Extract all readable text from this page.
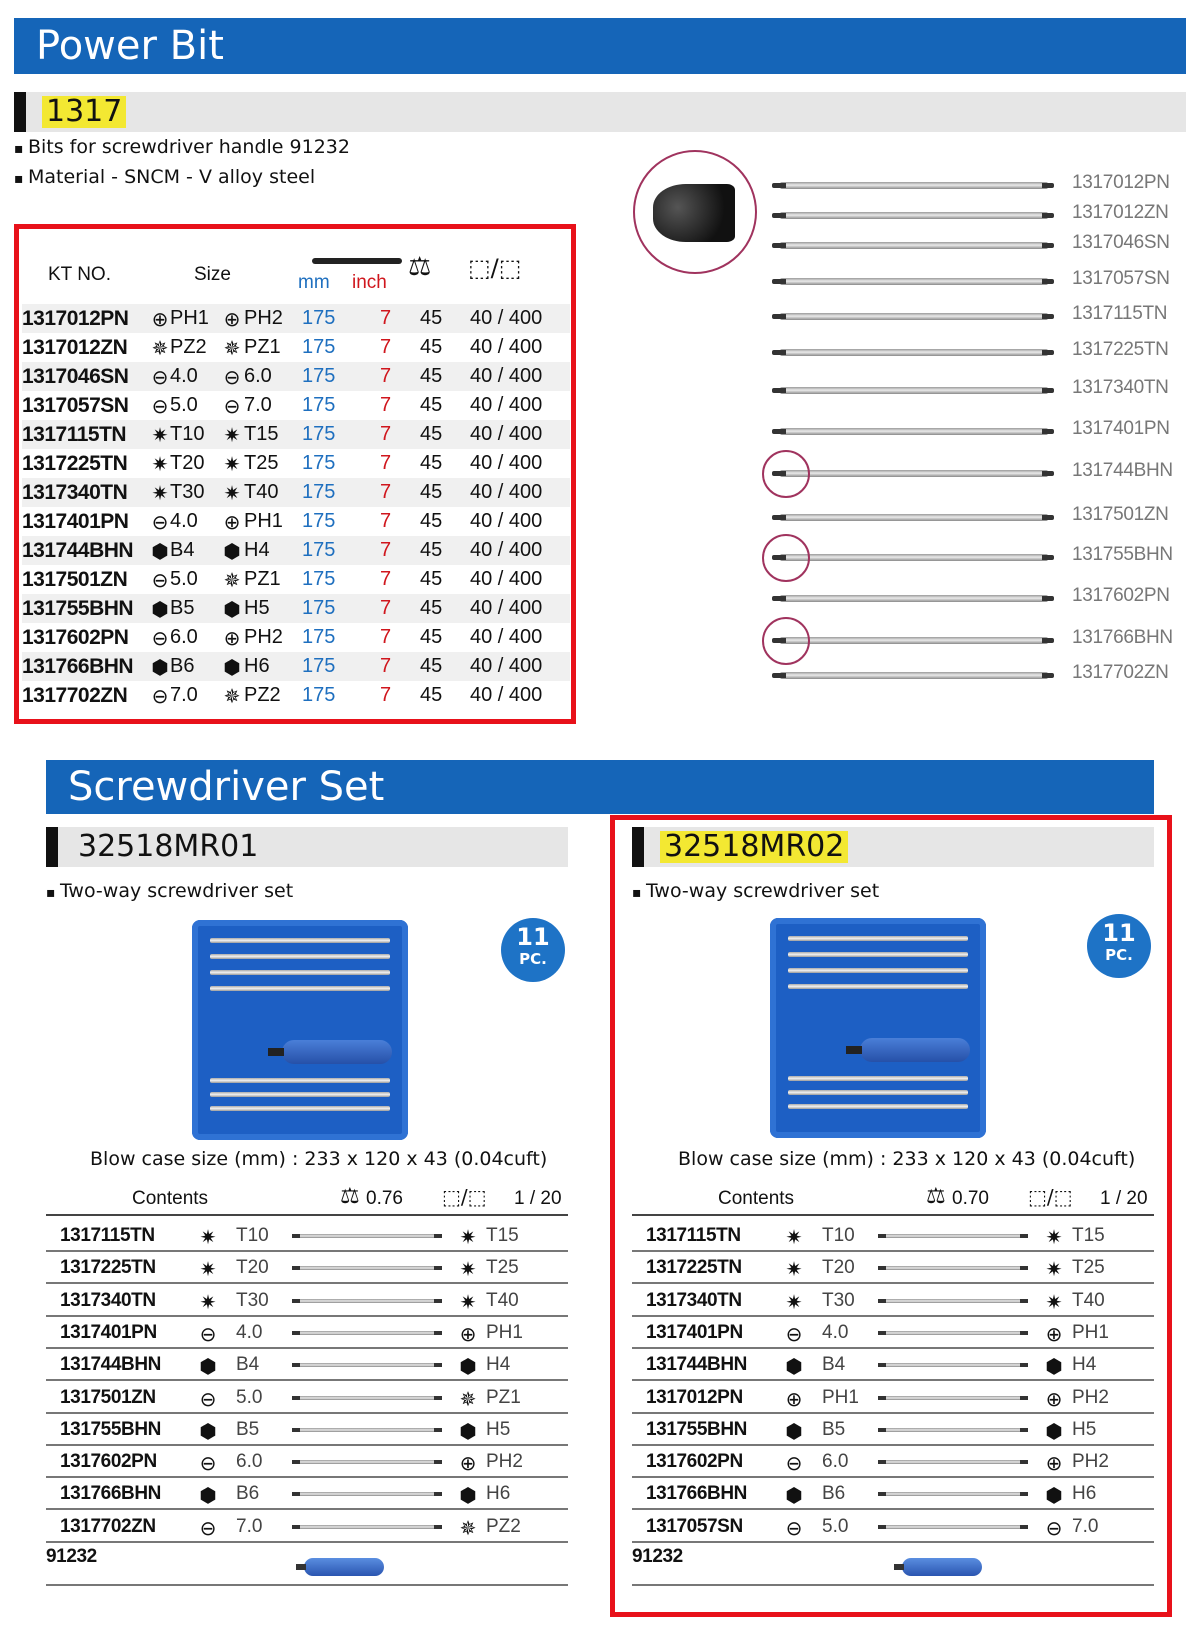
Power Bit
1317
▪ Bits for screwdriver handle 91232
▪ Material - SNCM - V alloy steel
KT NO.	Size	mm inch
⚖ ⬚/⬚
1317012PN ⊕ PH1 ⊕ PH2 175 7 45 40 / 400
1317012ZN ✵ PZ2 ✵ PZ1 175 7 45 40 / 400
1317046SN ⊖ 4.0 ⊖ 6.0 175 7 45 40 / 400
1317057SN ⊖ 5.0 ⊖ 7.0 175 7 45 40 / 400
1317115TN ✷ T10 ✷ T15 175 7 45 40 / 400
1317225TN ✷ T20 ✷ T25 175 7 45 40 / 400
1317340TN ✷ T30 ✷ T40 175 7 45 40 / 400
1317401PN ⊖ 4.0 ⊕ PH1 175 7 45 40 / 400
131744BHN ⬢ B4 ⬢ H4 175 7 45 40 / 400
1317501ZN ⊖ 5.0 ✵ PZ1 175 7 45 40 / 400
131755BHN ⬢ B5 ⬢ H5 175 7 45 40 / 400
1317602PN ⊖ 6.0 ⊕ PH2 175 7 45 40 / 400
131766BHN ⬢ B6 ⬢ H6 175 7 45 40 / 400
1317702ZN ⊖ 7.0 ✵ PZ2 175 7 45 40 / 400
1317012PN
1317012ZN
1317046SN
1317057SN
1317115TN
1317225TN
1317340TN
1317401PN
131744BHN
1317501ZN
131755BHN
1317602PN
131766BHN
1317702ZN
Screwdriver Set
32518MR01	32518MR02
▪ Two-way screwdriver set
▪	Two-way screwdriver set
11
PC.
11
PC.
Blow case size (mm) : 233 x 120 x 43 (0.04cuft)	Blow case size (mm) : 233 x 120 x 43 (0.04cuft)
Contents	⚖ 0.76 ⬚/⬚ 1 / 20	Contents	⚖ 0.70 ⬚/⬚ 1 / 20
1317115TN ✷ T10	✷ T15
1317225TN ✷ T20	✷ T25
1317340TN ✷ T30	✷ T40
1317401PN ⊖ 4.0	⊕ PH1
131744BHN ⬢ B4	⬢ H4
1317501ZN ⊖ 5.0	✵ PZ1
131755BHN ⬢ B5	⬢ H5
1317602PN ⊖ 6.0	⊕ PH2
131766BHN ⬢ B6	⬢ H6
1317702ZN ⊖ 7.0	✵ PZ2
1317115TN ✷ T10	✷ T15
1317225TN ✷ T20	✷ T25
1317340TN ✷ T30	✷ T40
1317401PN ⊖ 4.0	⊕ PH1
131744BHN ⬢ B4	⬢ H4
1317012PN ⊕ PH1	⊕ PH2
131755BHN ⬢ B5	⬢ H5
1317602PN ⊖ 6.0	⊕ PH2
131766BHN ⬢ B6	⬢ H6
1317057SN ⊖ 5.0	⊖ 7.0
91232	91232
